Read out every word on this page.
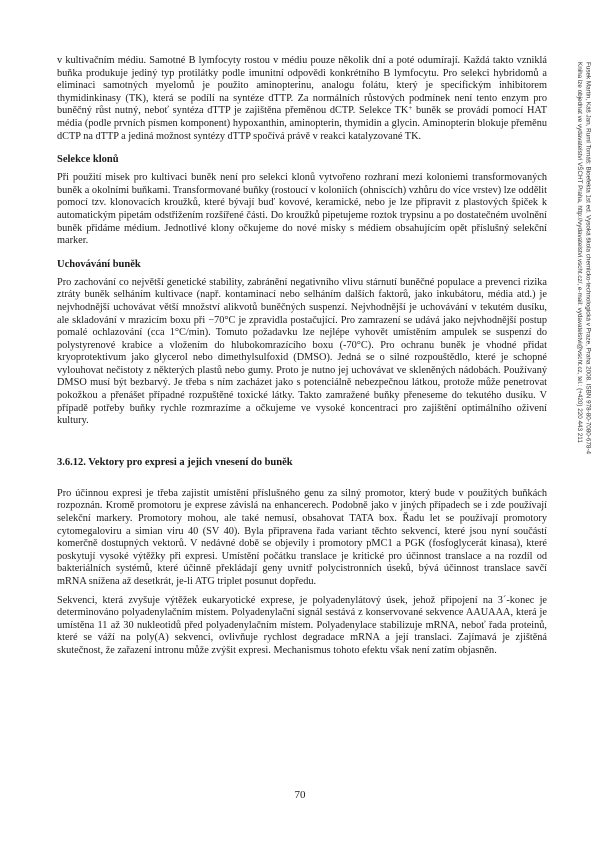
v kultivačním médiu. Samotné B lymfocyty rostou v médiu pouze několik dní a poté odumírají. Každá takto vzniklá buňka produkuje jediný typ protilátky podle imunitní odpovědi konkrétního B lymfocytu. Pro selekci hybridomů a eliminaci samotných myelomů je použito aminopterinu, analogu folátu, který je specifickým inhibitorem thymidinkinasy (TK), která se podílí na syntéze dTTP. Za normálních růstových podmínek není tento enzym pro buněčný růst nutný, neboť syntéza dTTP je zajištěna přeměnou dCTP. Selekce TK+ buněk se provádí pomocí HAT média (podle prvních písmen komponent) hypoxanthin, aminopterin, thymidin a glycin. Aminopterin blokuje přeměnu dCTP na dTTP a jediná možnost syntézy dTTP spočívá právě v reakci katalyzované TK.

Selekce klonů

Při použití misek pro kultivaci buněk není pro selekci klonů vytvořeno rozhraní mezi koloniemi transformovaných buněk a okolními buňkami. Transformované buňky (rostoucí v koloniích (ohniscích) vzhůru do více vrstev) lze oddělit pomocí tzv. klonovacích kroužků, které bývají buď kovové, keramické, nebo je lze připravit z plastových špiček k automatickým pipetám odstřižením rozšířené části. Do kroužků pipetujeme roztok trypsinu a po dostatečném uvolnění buněk přidáme médium. Jednotlivé klony očkujeme do nové misky s médiem obsahujícím opět příslušný selekční marker.

Uchovávání buněk

Pro zachování co největší genetické stability, zabránění negativního vlivu stárnutí buněčné populace a prevenci rizika ztráty buněk selháním kultivace (např. kontaminací nebo selháním dalších faktorů, jako inkubátoru, média atd.) je nejvhodnější uchovávat větší množství alikvotů buněčných suspenzí. Nejvhodnější je uchovávání v tekutém dusíku, ale skladování v mrazicím boxu při −70°C je zpravidla postačující. Pro zamrazení se udává jako nejvhodnější postup pomalé ochlazování (cca 1°C/min). Tomuto požadavku lze nejlépe vyhovět umístěním ampulek se suspenzí do polystyrenové krabice a vložením do hlubokomrazícího boxu (-70°C). Pro ochranu buněk je vhodné přidat kryoprotektivum jako glycerol nebo dimethylsulfoxid (DMSO). Jedná se o silné rozpouštědlo, které je schopné vylouhovat nečistoty z některých plastů nebo gumy. Proto je nutno jej uchovávat ve skleněných nádobách. Používaný DMSO musí být bezbarvý. Je třeba s ním zacházet jako s potenciálně nebezpečnou látkou, protože může penetrovat pokožkou a přenášet případné rozpuštěné toxické látky. Takto zamražené buňky přeneseme do tekutého dusíku. V případě potřeby buňky rychle rozmrazíme a očkujeme ve vysoké koncentraci pro zajištění optimálního oživení kultury.

3.6.12. Vektory pro expresi a jejich vnesení do buněk

Pro účinnou expresi je třeba zajistit umístění příslušného genu za silný promotor, který bude v použitých buňkách rozpoznán. Kromě promotoru je exprese závislá na enhancerech. Podobně jako v jiných případech se i zde používají selekční markery. Promotory mohou, ale také nemusí, obsahovat TATA box. Řadu let se používají promotory cytomegaloviru a simian viru 40 (SV 40). Byla připravena řada variant těchto sekvencí, které jsou nyní součástí komerčně dostupných vektorů. V nedávné době se objevily i promotory pMC1 a PGK (fosfoglycerát kinasa), které poskytují vysoké výtěžky při expresi. Umístění počátku translace je kritické pro účinnost translace a na rozdíl od bakteriálních systémů, které účinně překládají geny uvnitř polycistronních úseků, bývá účinnost translace savčí mRNA snížena až desetkrát, je-li ATG triplet posunut dopředu.

Sekvenci, která zvyšuje výtěžek eukaryotické exprese, je polyadenylátový úsek, jehož připojení na 3´-konec je determinováno polyadenylačním místem. Polyadenylační signál sestává z konservované sekvence AAUAAA, která je umístěna 11 až 30 nukleotidů před polyadenylačním místem. Polyadenylace stabilizuje mRNA, neboť řada proteinů, které se váží na poly(A) sekvenci, ovlivňuje rychlost degradace mRNA a její translaci. Zajímavá je zjištěná skutečnost, že zařazení intronu může zvýšit expresi. Mechanismus tohoto efektu však není zatím objasněn.

70
Fusek Martin, Káš Jan, Ruml Tomáš: Bioefekta 1st ed. Vysoká škola chemicko-technologická v Praze, Praha 2008. ISBN 978-80-7080-678-4
Kniha lze objednat ve vydavatelství VŠCHT Praha, http://vydavatelstvi.vscht.cz/, e-mail: vydavatelstvi@vscht.cz, tel.: (+420) 220 443 211
